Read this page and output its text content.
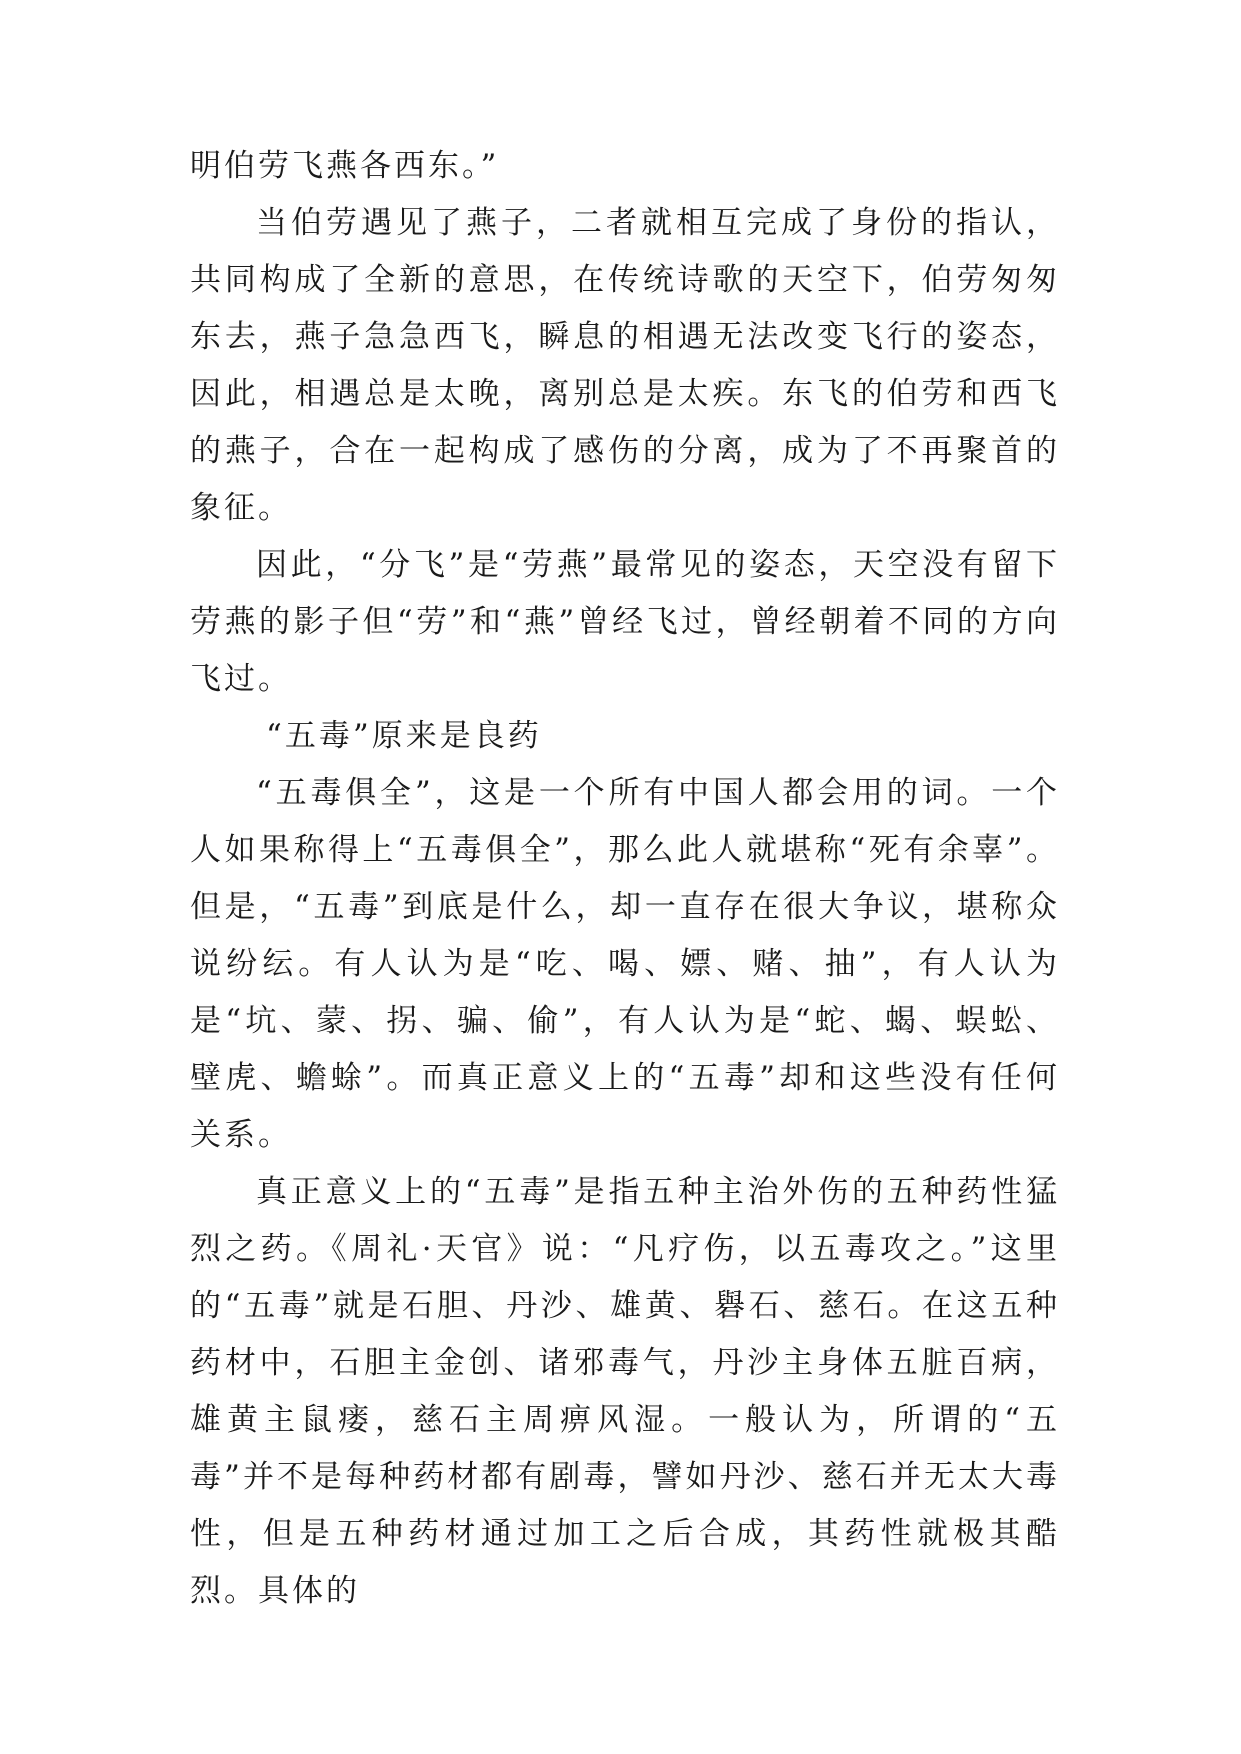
明伯劳飞燕各西东。”

当伯劳遇见了燕子，二者就相互完成了身份的指认，共同构成了全新的意思，在传统诗歌的天空下，伯劳匆匆东去，燕子急急西飞，瞬息的相遇无法改变飞行的姿态，因此，相遇总是太晚，离别总是太疾。东飞的伯劳和西飞的燕子，合在一起构成了感伤的分离，成为了不再聚首的象征。

因此，“分飞”是“劳燕”最常见的姿态，天空没有留下劳燕的影子但“劳”和“燕”曾经飞过，曾经朝着不同的方向飞过。

“五毒”原来是良药

“五毒俱全”，这是一个所有中国人都会用的词。一个人如果称得上“五毒俱全”，那么此人就堪称“死有余辜”。但是，“五毒”到底是什么，却一直存在很大争议，堪称众说纷纭。有人认为是“吃、喝、嫖、赌、抽”，有人认为是“坑、蒙、拐、骗、偷”，有人认为是“蛇、蝎、蜈蚣、壁虎、蟾蜍”。而真正意义上的“五毒”却和这些没有任何关系。

真正意义上的“五毒”是指五种主治外伤的五种药性猛烈之药。《周礼·天官》说：“凡疗伤，以五毒攻之。”这里的“五毒”就是石胆、丹沙、雄黄、礜石、慈石。在这五种药材中，石胆主金创、诸邪毒气，丹沙主身体五脏百病，雄黄主鼠瘘，慈石主周痹风湿。一般认为，所谓的“五毒”并不是每种药材都有剧毒，譬如丹沙、慈石并无太大毒性，但是五种药材通过加工之后合成，其药性就极其酷烈。具体的
